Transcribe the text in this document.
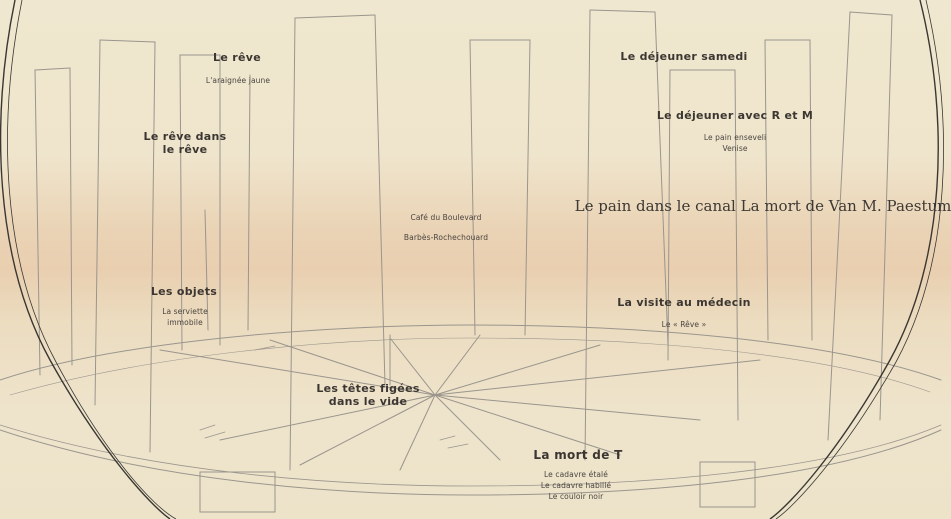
Le rêve
L'araignée jaune
Le rêve dans
le rêve
Les objets
La serviette
immobile
Café du Boulevard
Barbès-Rochechouard
Les têtes figées
dans le vide
La mort de T
Le cadavre étalé
Le cadavre habillé
Le couloir noir
Le déjeuner samedi
Le déjeuner avec R et M
Le pain enseveli
Venise
Le pain dans le canal La mort de Van M. Paestum
La visite au médecin
Le « Rêve »
